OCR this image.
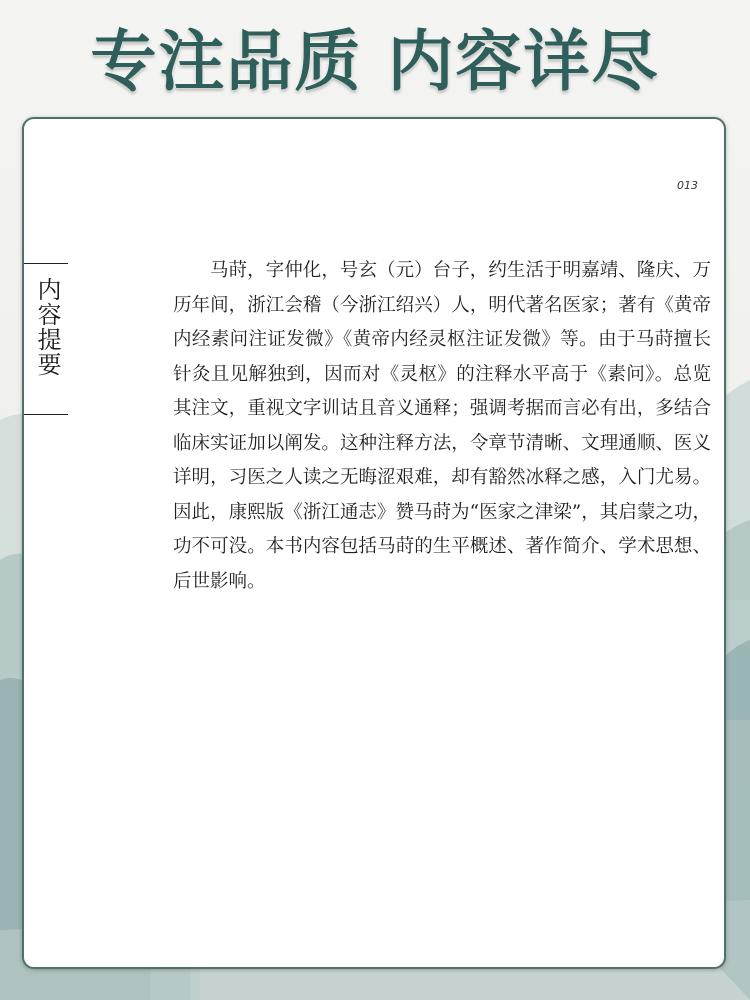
专注品质 内容详尽
013
内容提要

马莳，字仲化，号玄（元）台子，约生活于明嘉靖、隆庆、万历年间，浙江会稽（今浙江绍兴）人，明代著名医家；著有《黄帝内经素问注证发微》《黄帝内经灵枢注证发微》等。由于马莳擅长针灸且见解独到，因而对《灵枢》的注释水平高于《素问》。总览其注文，重视文字训诂且音义通释；强调考据而言必有出，多结合临床实证加以阐发。这种注释方法，令章节清晰、文理通顺、医义详明，习医之人读之无晦涩艰难，却有豁然冰释之感，入门尤易。因此，康熙版《浙江通志》赞马莳为“医家之津梁”，其启蒙之功，功不可没。本书内容包括马莳的生平概述、著作简介、学术思想、后世影响。
